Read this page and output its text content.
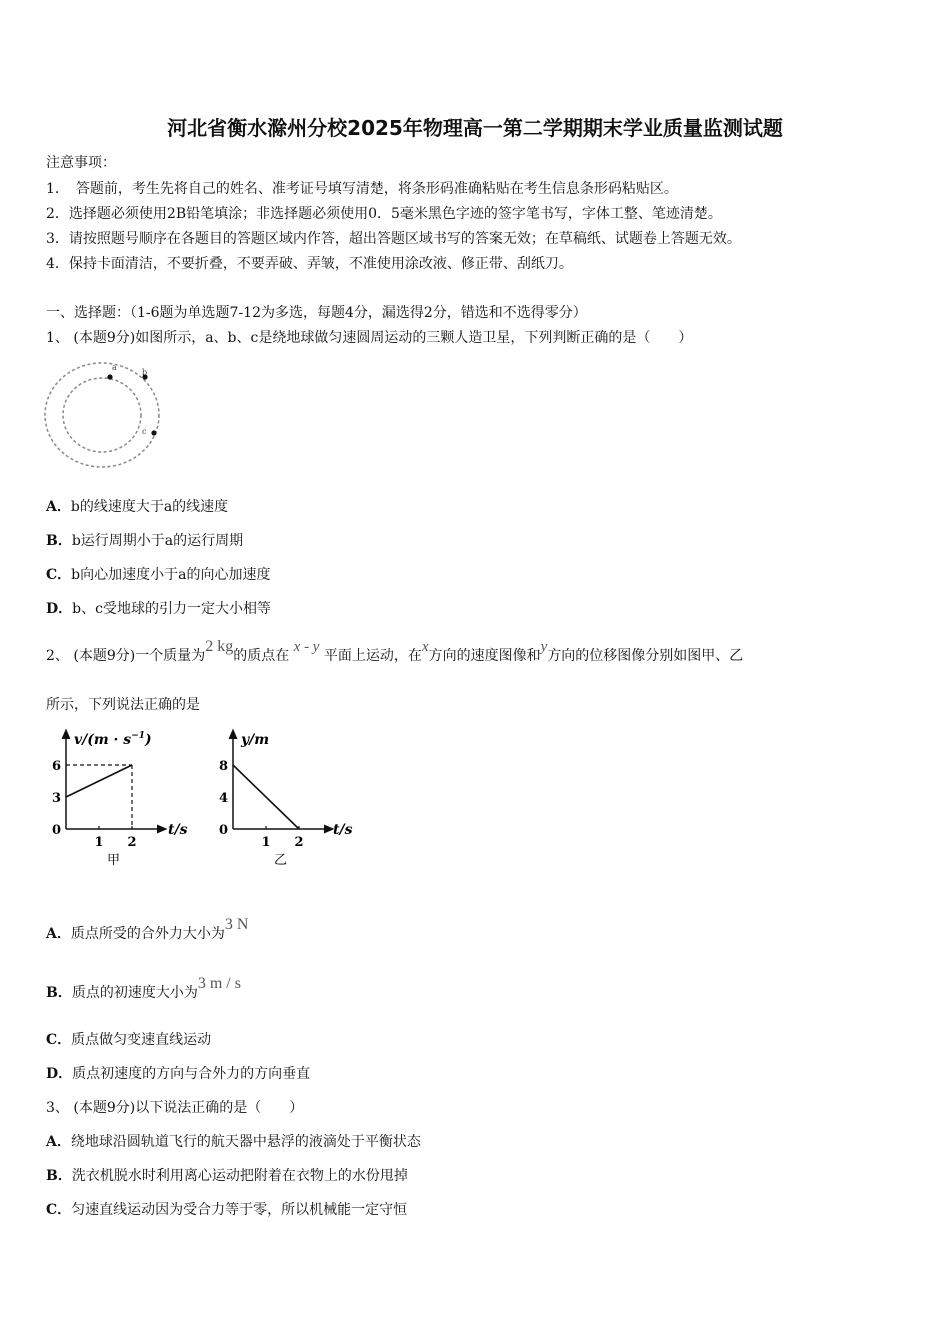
河北省衡水滁州分校2025年物理高一第二学期期末学业质量监测试题
注意事项：
1．　答题前，考生先将自己的姓名、准考证号填写清楚，将条形码准确粘贴在考生信息条形码粘贴区。
2．选择题必须使用2B铅笔填涂；非选择题必须使用0．5毫米黑色字迹的签字笔书写，字体工整、笔迹清楚。
3．请按照题号顺序在各题目的答题区域内作答，超出答题区域书写的答案无效；在草稿纸、试题卷上答题无效。
4．保持卡面清洁，不要折叠，不要弄破、弄皱，不准使用涂改液、修正带、刮纸刀。
一、选择题：（1-6题为单选题7-12为多选，每题4分，漏选得2分，错选和不选得零分）
1、 (本题9分)如图所示，a、b、c是绕地球做匀速圆周运动的三颗人造卫星，下列判断正确的是（　　）
a
b
c
A．b的线速度大于a的线速度
B．b运行周期小于a的运行周期
C．b向心加速度小于a的向心加速度
D．b、c受地球的引力一定大小相等
2、 (本题9分)一个质量为2 kg的质点在 x - y 平面上运动，在x方向的速度图像和y方向的位移图像分别如图甲、乙
所示，下列说法正确的是
$v/(m \cdot s^{-1})$
t/s
0
3
6
1 2
甲
y/m
t/s
0
4
8
1 2
乙
A．质点所受的合外力大小为3 N
B．质点的初速度大小为3 m / s
C．质点做匀变速直线运动
D．质点初速度的方向与合外力的方向垂直
3、 (本题9分)以下说法正确的是（　　）
A．绕地球沿圆轨道飞行的航天器中悬浮的液滴处于平衡状态
B．洗衣机脱水时利用离心运动把附着在衣物上的水份甩掉
C．匀速直线运动因为受合力等于零，所以机械能一定守恒
